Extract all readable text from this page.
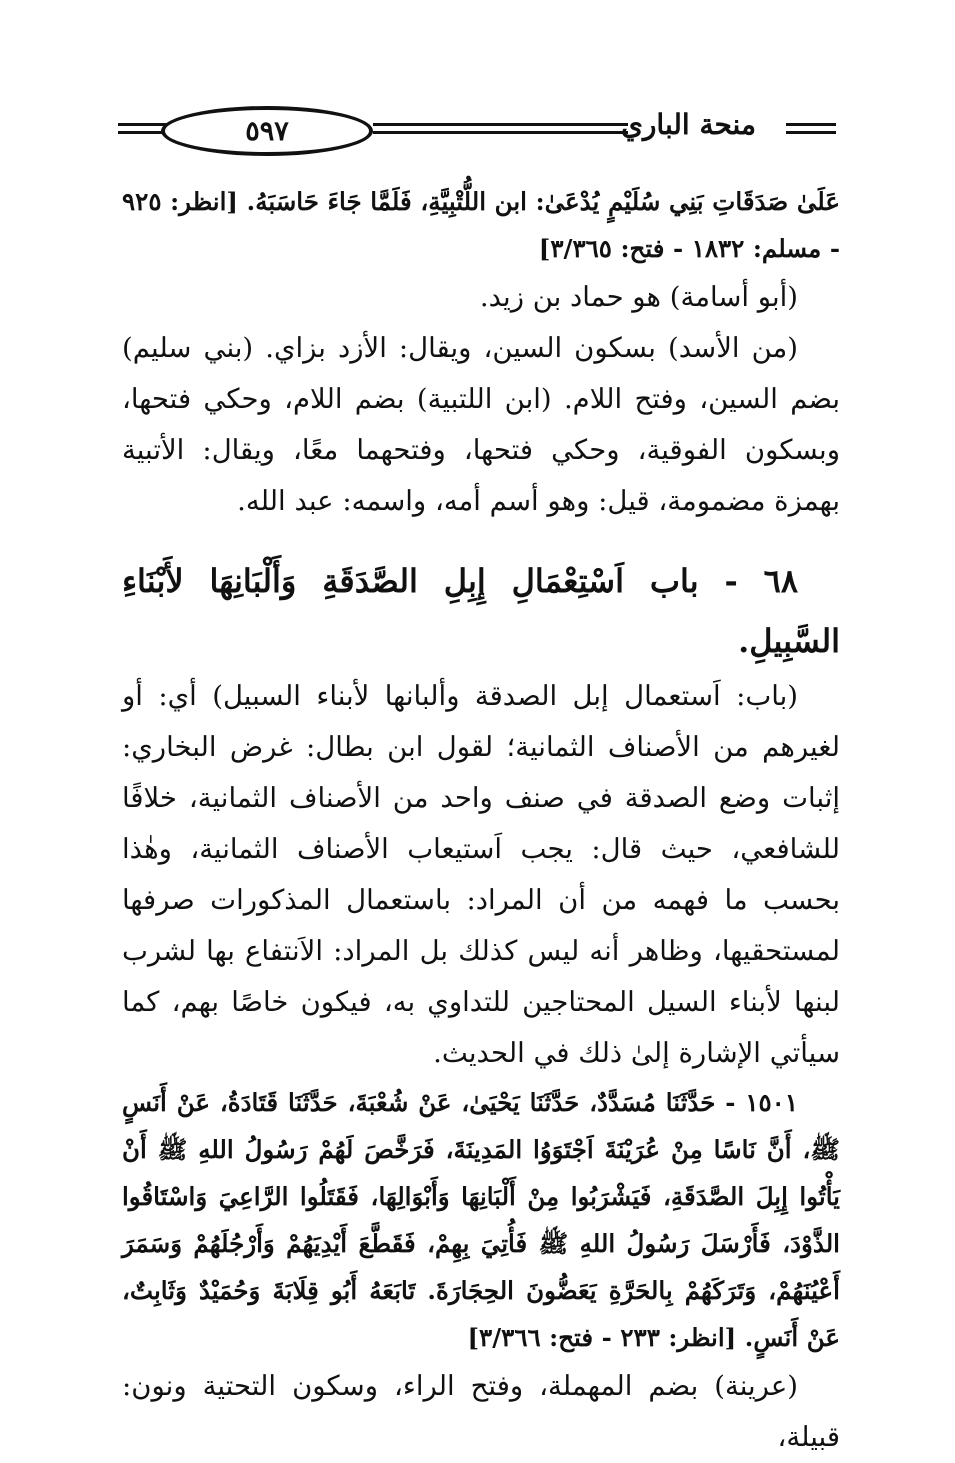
٥٩٧	منحة الباري

عَلَىٰ صَدَقَاتِ بَنِي سُلَيْمٍ يُدْعَىٰ: ابن اللُّتْبِيَّةِ، فَلَمَّا جَاءَ حَاسَبَهُ. [انظر: ٩٢٥ - مسلم: ١٨٣٢ - فتح: ٣/٣٦٥]

(أبو أسامة) هو حماد بن زيد.

(من الأسد) بسكون السين، ويقال: الأزد بزاي. (بني سليم) بضم السين، وفتح اللام. (ابن اللتبية) بضم اللام، وحكي فتحها، وبسكون الفوقية، وحكي فتحها، وفتحهما معًا، ويقال: الأتبية بهمزة مضمومة، قيل: وهو أسم أمه، واسمه: عبد الله.

٦٨ - باب اَسْتِعْمَالِ إِبِلِ الصَّدَقَةِ وَأَلْبَانِهَا لأَبْنَاءِ السَّبِيلِ.

(باب: اَستعمال إبل الصدقة وألبانها لأبناء السبيل) أي: أو لغيرهم من الأصناف الثمانية؛ لقول ابن بطال: غرض البخاري: إثبات وضع الصدقة في صنف واحد من الأصناف الثمانية، خلافًا للشافعي، حيث قال: يجب اَستيعاب الأصناف الثمانية، وهٰذا بحسب ما فهمه من أن المراد: باستعمال المذكورات صرفها لمستحقيها، وظاهر أنه ليس كذلك بل المراد: الاَنتفاع بها لشرب لبنها لأبناء السيل المحتاجين للتداوي به، فيكون خاصًا بهم، كما سيأتي الإشارة إلىٰ ذلك في الحديث.

١٥٠١ - حَدَّثَنَا مُسَدَّدٌ، حَدَّثَنَا يَحْيَىٰ، عَنْ شُعْبَةَ، حَدَّثَنَا قَتَادَةُ، عَنْ أَنَسٍ ﷺ، أَنَّ نَاسًا مِنْ عُرَيْنَةَ اَجْتَوَوُا المَدِينَةَ، فَرَخَّصَ لَهُمْ رَسُولُ اللهِ ﷺ أَنْ يَأْتُوا إِبِلَ الصَّدَقَةِ، فَيَشْرَبُوا مِنْ أَلْبَانِهَا وَأَبْوَالِهَا، فَقَتَلُوا الرَّاعِيَ وَاسْتَاقُوا الذَّوْدَ، فَأَرْسَلَ رَسُولُ اللهِ ﷺ فَأُتِيَ بِهِمْ، فَقَطَّعَ أَيْدِيَهُمْ وَأَرْجُلَهُمْ وَسَمَرَ أَعْيُنَهُمْ، وَتَرَكَهُمْ بِالحَرَّةِ يَعَضُّونَ الحِجَارَةَ. تَابَعَهُ أَبُو قِلَابَةَ وَحُمَيْدٌ وَثَابِتٌ، عَنْ أَنَسٍ. [انظر: ٢٣٣ - فتح: ٣/٣٦٦]

(عرينة) بضم المهملة، وفتح الراء، وسكون التحتية ونون: قبيلة،
